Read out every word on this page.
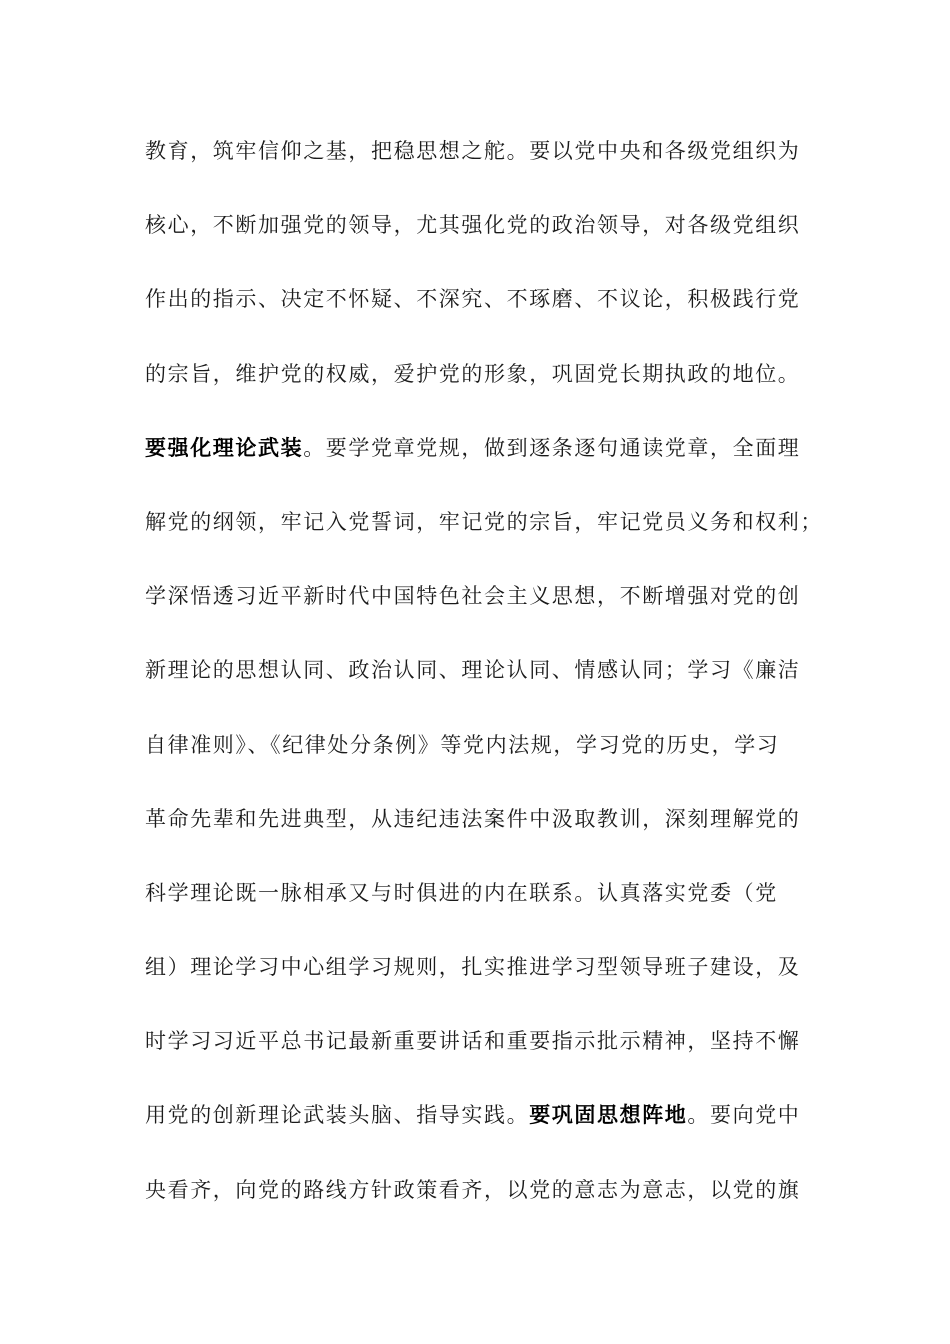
教育，筑牢信仰之基，把稳思想之舵。要以党中央和各级党组织为
核心，不断加强党的领导，尤其强化党的政治领导，对各级党组织
作出的指示、决定不怀疑、不深究、不琢磨、不议论，积极践行党
的宗旨，维护党的权威，爱护党的形象，巩固党长期执政的地位。
要强化理论武装。要学党章党规，做到逐条逐句通读党章，全面理
解党的纲领，牢记入党誓词，牢记党的宗旨，牢记党员义务和权利；
学深悟透习近平新时代中国特色社会主义思想，不断增强对党的创
新理论的思想认同、政治认同、理论认同、情感认同；学习《廉洁
自律准则》、《纪律处分条例》等党内法规，学习党的历史，学习
革命先辈和先进典型，从违纪违法案件中汲取教训，深刻理解党的
科学理论既一脉相承又与时俱进的内在联系。认真落实党委（党
组）理论学习中心组学习规则，扎实推进学习型领导班子建设，及
时学习习近平总书记最新重要讲话和重要指示批示精神，坚持不懈
用党的创新理论武装头脑、指导实践。要巩固思想阵地。要向党中
央看齐，向党的路线方针政策看齐，以党的意志为意志，以党的旗
